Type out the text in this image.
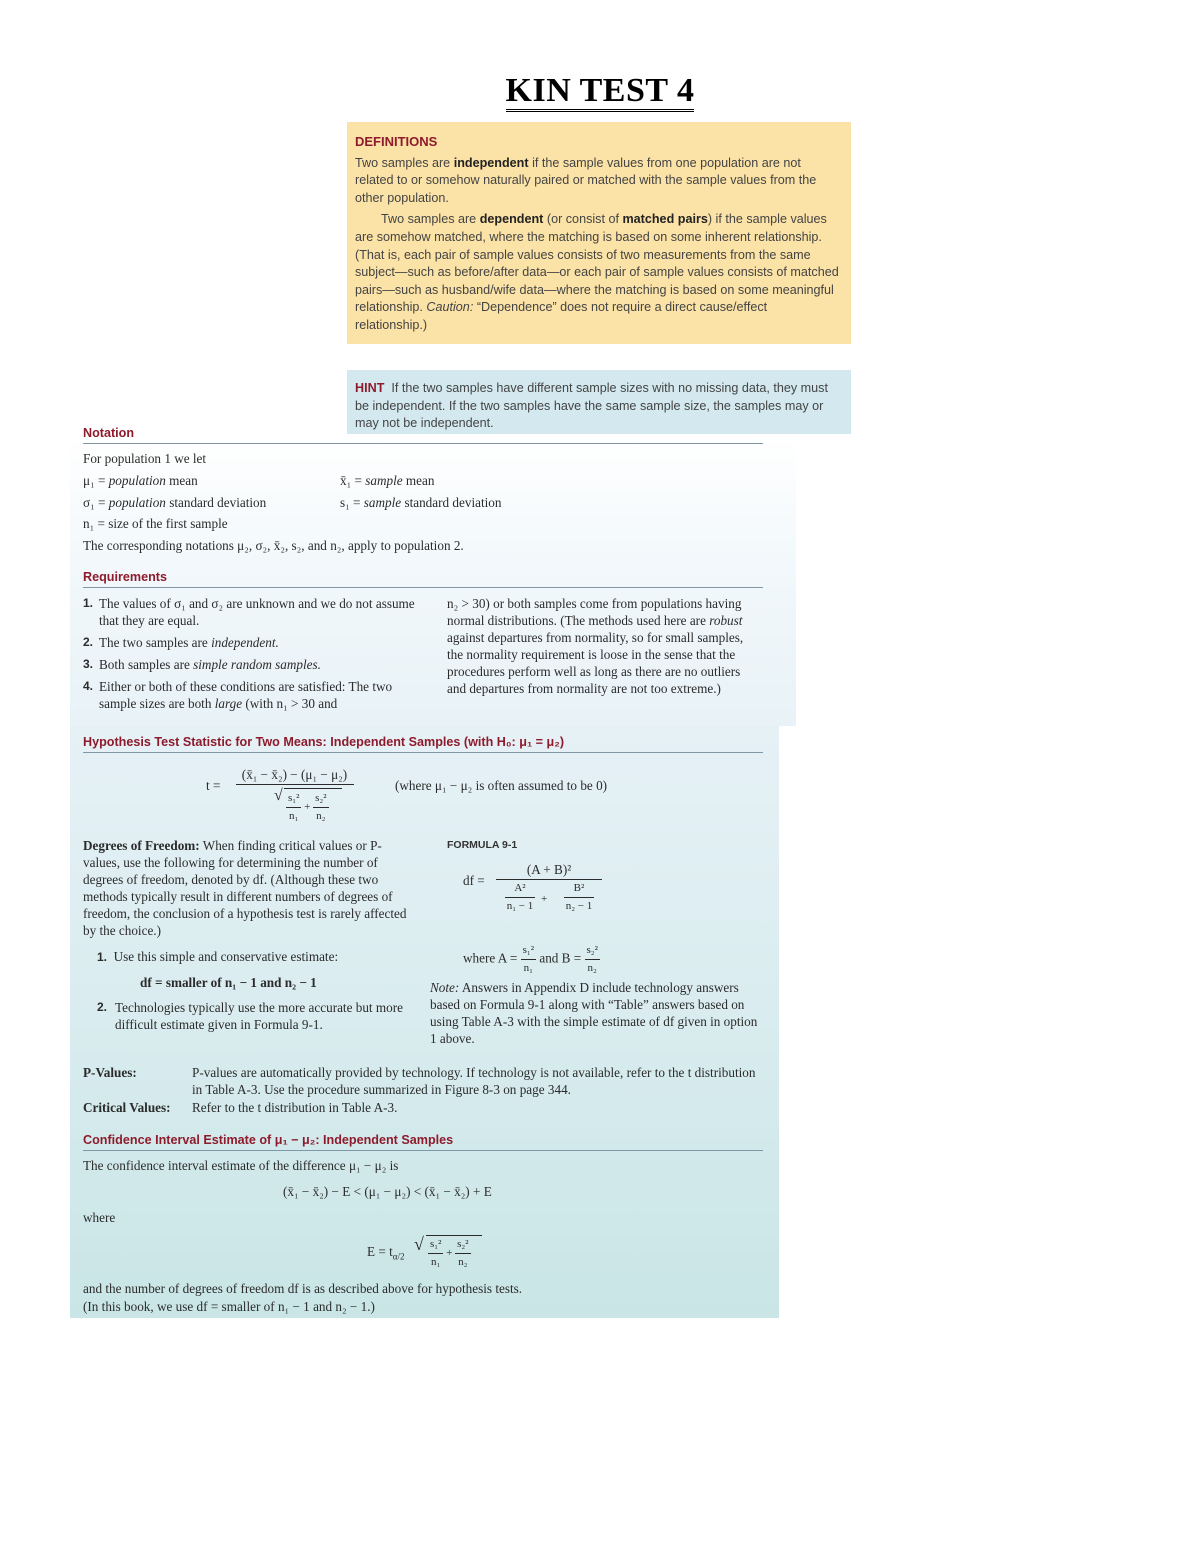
KIN TEST 4
DEFINITIONS

Two samples are independent if the sample values from one population are not related to or somehow naturally paired or matched with the sample values from the other population.

Two samples are dependent (or consist of matched pairs) if the sample values are somehow matched, where the matching is based on some inherent relationship. (That is, each pair of sample values consists of two measurements from the same subject—such as before/after data—or each pair of sample values consists of matched pairs—such as husband/wife data—where the matching is based on some meaningful relationship. Caution: “Dependence” does not require a direct cause/effect relationship.)

HINT If the two samples have different sample sizes with no missing data, they must be independent. If the two samples have the same sample size, the samples may or may not be independent.
Notation
For population 1 we let
μ₁ = population mean	x̄₁ = sample mean
σ₁ = population standard deviation	s₁ = sample standard deviation
n₁ = size of the first sample
The corresponding notations μ₂, σ₂, x̄₂, s₂, and n₂, apply to population 2.
Requirements
1. The values of σ₁ and σ₂ are unknown and we do not assume that they are equal.
2. The two samples are independent.
3. Both samples are simple random samples.
4. Either or both of these conditions are satisfied: The two sample sizes are both large (with n₁ > 30 and
n₂ > 30) or both samples come from populations having normal distributions. (The methods used here are robust against departures from normality, so for small samples, the normality requirement is loose in the sense that the procedures perform well as long as there are no outliers and departures from normality are not too extreme.)
Hypothesis Test Statistic for Two Means: Independent Samples (with H₀: μ₁ = μ₂)
t =
(x̄₁ − x̄₂) − (μ₁ − μ₂)
√ $\frac{\text{s₁²}}{\text{n₁}} + \frac{\text{s₂²}}{\text{n₂}}$
(where μ₁ − μ₂ is often assumed to be 0)
Degrees of Freedom: When finding critical values or P-values, use the following for determining the number of degrees of freedom, denoted by df. (Although these two methods typically result in different numbers of degrees of freedom, the conclusion of a hypothesis test is rarely affected by the choice.)
1. Use this simple and conservative estimate:
df = smaller of n₁ − 1 and n₂ − 1
2. Technologies typically use the more accurate but more difficult estimate given in Formula 9-1.
FORMULA 9-1
df =
(A + B)²
$\frac{\text{A²}}{\text{n₁ − 1}} + \frac{\text{B²}}{\text{n₂ − 1}}$
where $A = \frac{\text{s₁²}}{\text{n₁}}$ and $B = \frac{\text{s₂²}}{\text{n₂}}$
Note: Answers in Appendix D include technology answers based on Formula 9-1 along with “Table” answers based on using Table A-3 with the simple estimate of df given in option 1 above.
P-Values:	P-values are automatically provided by technology. If technology is not available, refer to the t distribution in Table A-3. Use the procedure summarized in Figure 8-3 on page 344.
Critical Values: Refer to the t distribution in Table A-3.
Confidence Interval Estimate of μ₁ − μ₂: Independent Samples
The confidence interval estimate of the difference μ₁ − μ₂ is
(x̄₁ − x̄₂) − E < (μ₁ − μ₂) < (x̄₁ − x̄₂) + E
where
$E = t_{\alpha/2}$
√ $\frac{\text{s₁²}}{\text{n₁}} + \frac{\text{s₂²}}{\text{n₂}}$
and the number of degrees of freedom df is as described above for hypothesis tests.
(In this book, we use df = smaller of n₁ − 1 and n₂ − 1.)
